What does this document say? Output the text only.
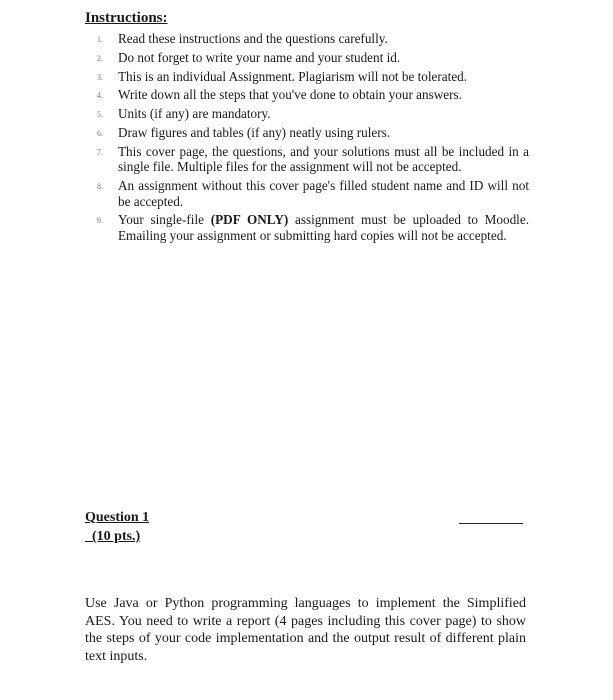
Instructions:
1. Read these instructions and the questions carefully.
2. Do not forget to write your name and your student id.
3. This is an individual Assignment. Plagiarism will not be tolerated.
4. Write down all the steps that you've done to obtain your answers.
5. Units (if any) are mandatory.
6. Draw figures and tables (if any) neatly using rulers.
7. This cover page, the questions, and your solutions must all be included in a single file. Multiple files for the assignment will not be accepted.
8. An assignment without this cover page's filled student name and ID will not be accepted.
9. Your single-file (PDF ONLY) assignment must be uploaded to Moodle. Emailing your assignment or submitting hard copies will not be accepted.
Question 1
_(10 pts.)

Use Java or Python programming languages to implement the Simplified AES. You need to write a report (4 pages including this cover page) to show the steps of your code implementation and the output result of different plain text inputs.
